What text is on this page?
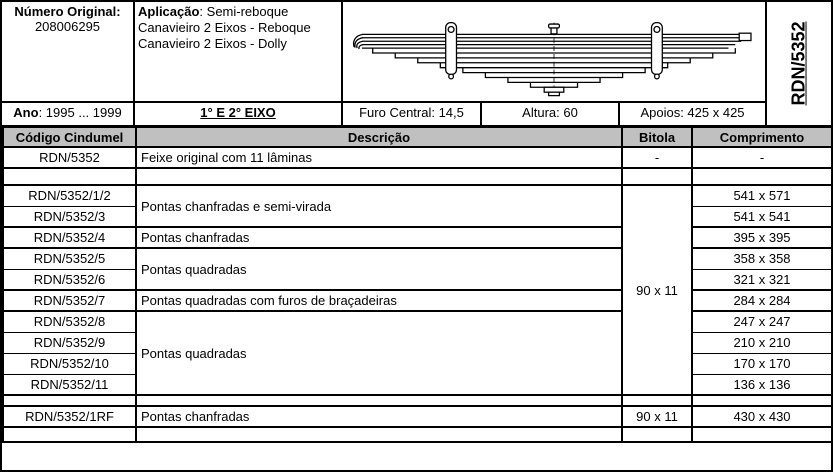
Número Original:
208006295
Aplicação: Semi-reboque
Canavieiro 2 Eixos - Reboque
Canavieiro 2 Eixos - Dolly
Ano: 1995 ... 1999	1° E 2° EIXO	Furo Central: 14,5	Altura: 60	Apoios: 425 x 425
RDN/5352
Código Cindumel	Descrição	Bitola	Comprimento
RDN/5352	Feixe original com 11 lâminas	-	-

RDN/5352/1/2	Pontas chanfradas e semi-virada	90 x 11	541 x 571
RDN/5352/3			541 x 541
RDN/5352/4	Pontas chanfradas		395 x 395
RDN/5352/5	Pontas quadradas		358 x 358
RDN/5352/6			321 x 321
RDN/5352/7	Pontas quadradas com furos de braçadeiras		284 x 284
RDN/5352/8	Pontas quadradas		247 x 247
RDN/5352/9			210 x 210
RDN/5352/10			170 x 170
RDN/5352/11			136 x 136

RDN/5352/1RF	Pontas chanfradas	90 x 11	430 x 430
